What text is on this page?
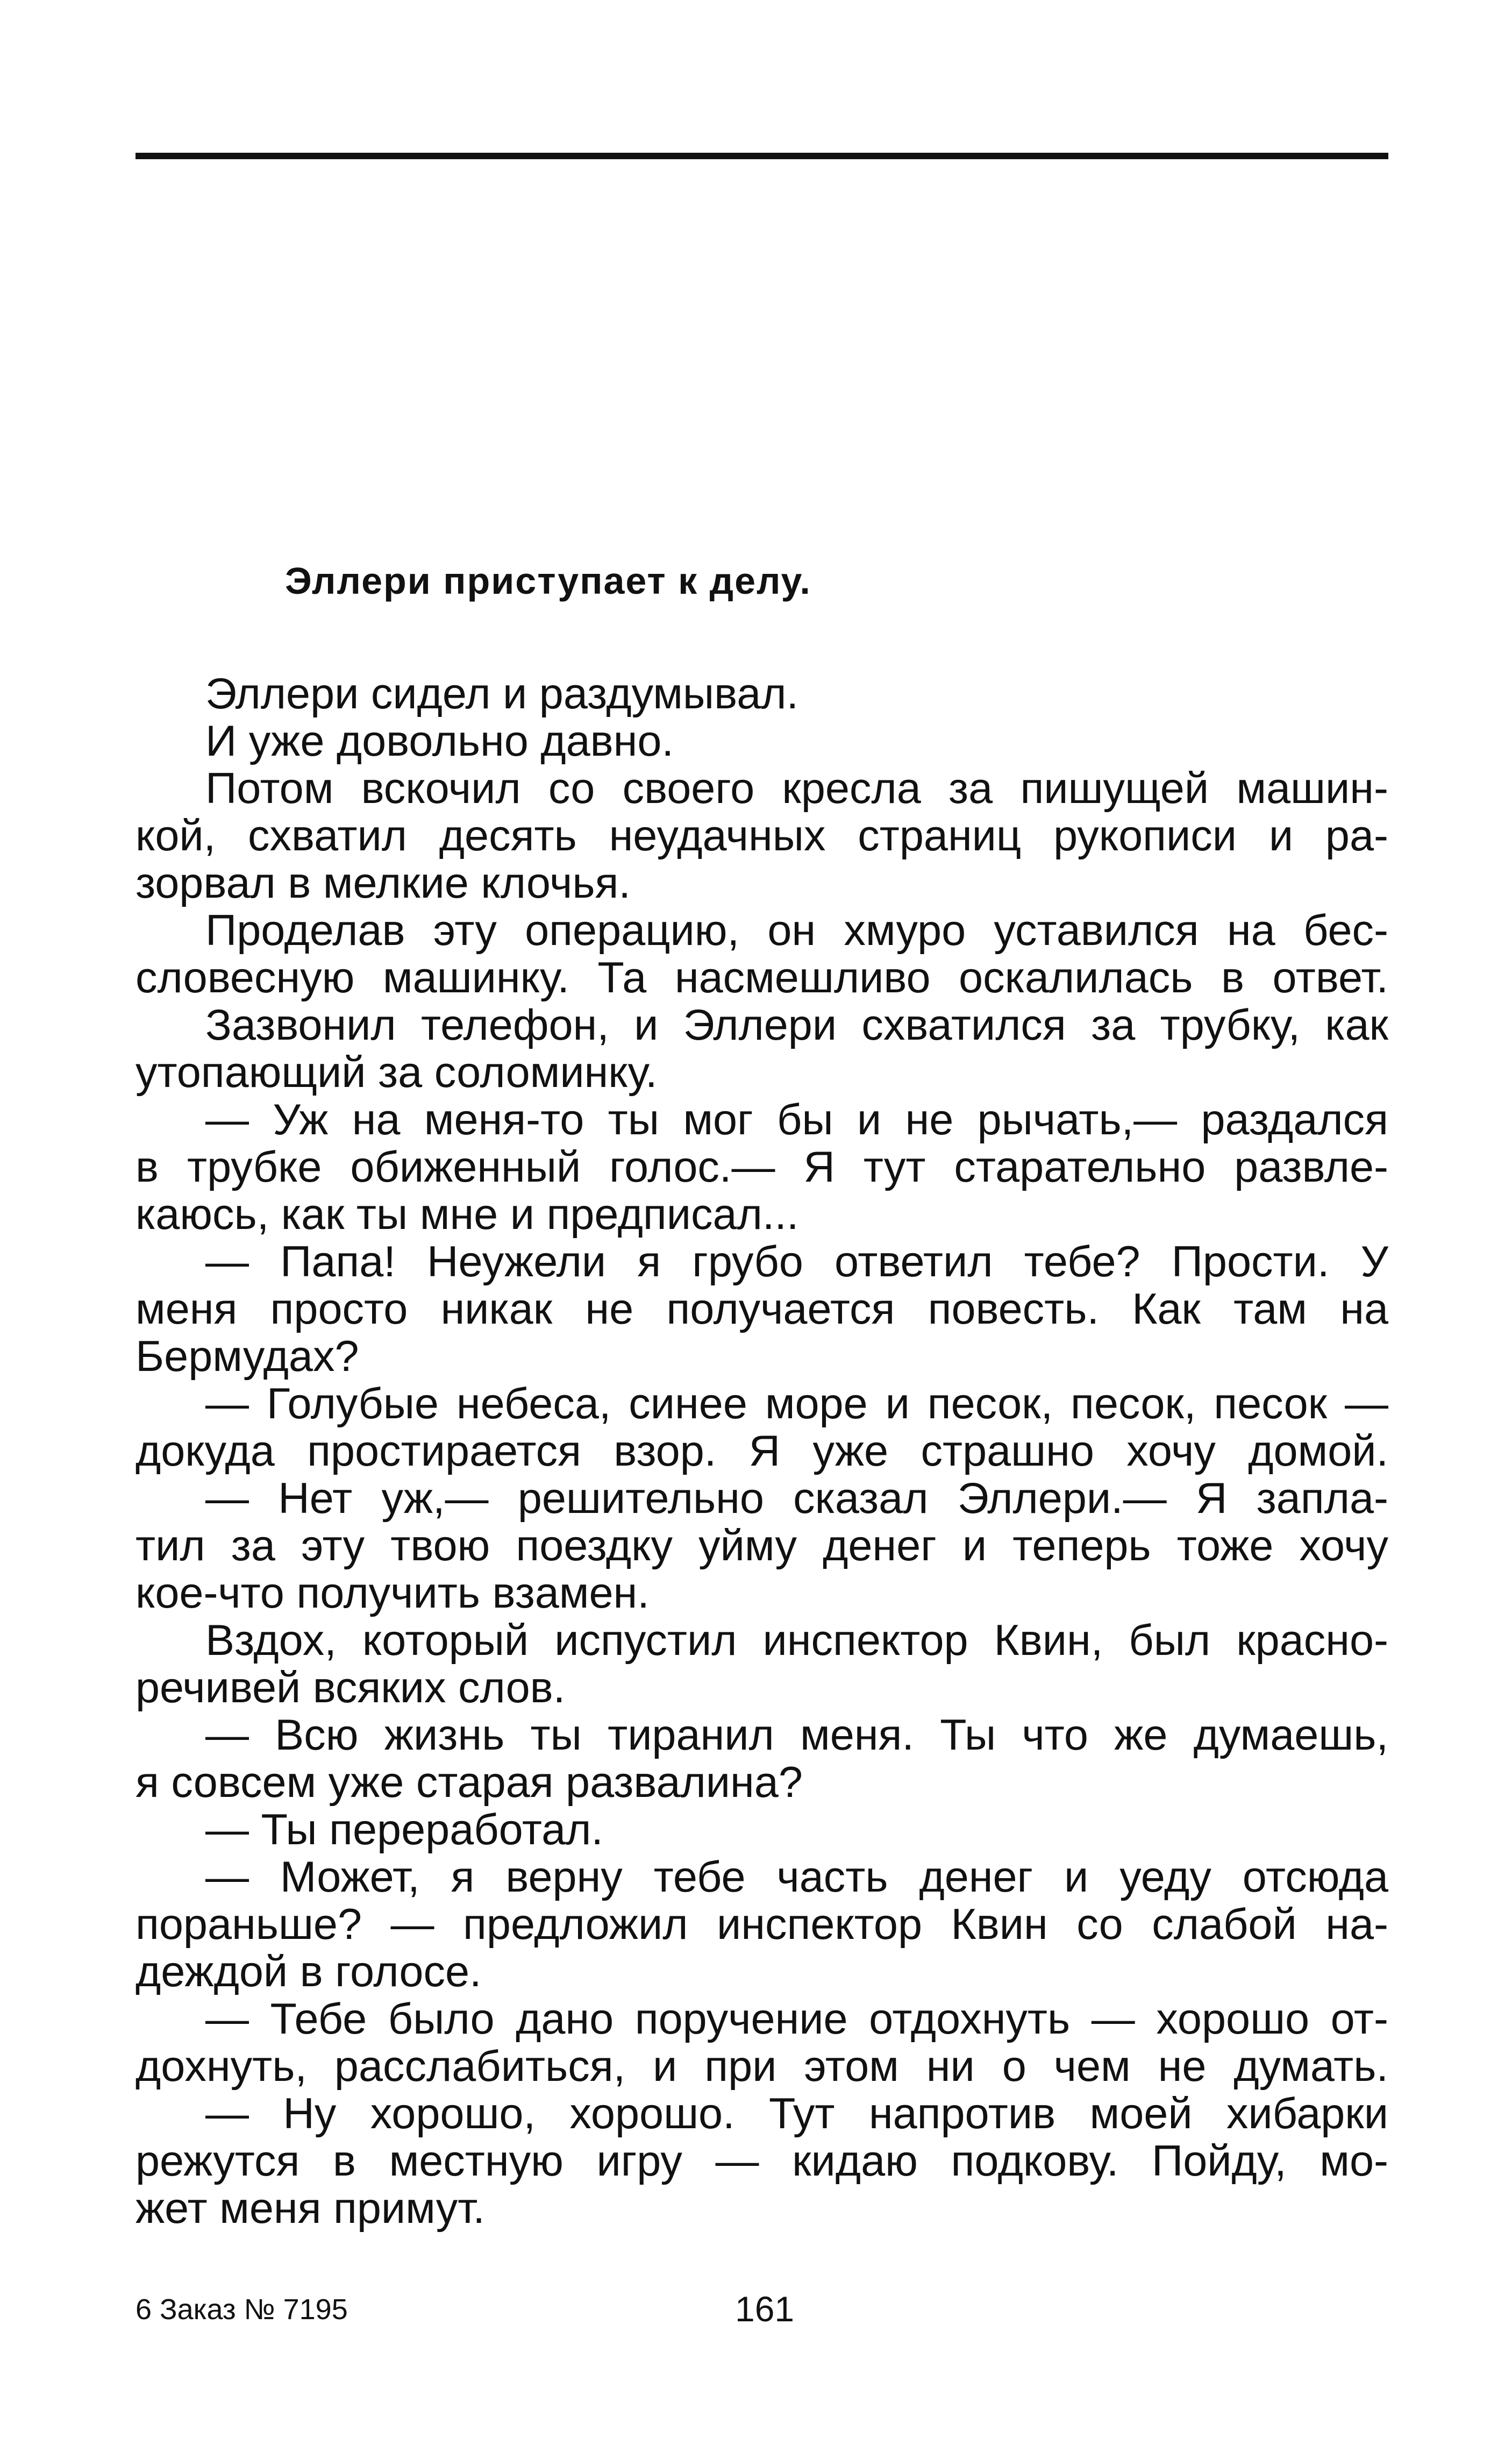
Эллери приступает к делу.
Эллери сидел и раздумывал.
И уже довольно давно.
Потом вскочил со своего кресла за пишущей машин-
кой, схватил десять неудачных страниц рукописи и ра-
зорвал в мелкие клочья.
Проделав эту операцию, он хмуро уставился на бес-
словесную машинку. Та насмешливо оскалилась в ответ.
Зазвонил телефон, и Эллери схватился за трубку, как
утопающий за соломинку.
— Уж на меня-то ты мог бы и не рычать,— раздался
в трубке обиженный голос.— Я тут старательно развле-
каюсь, как ты мне и предписал...
— Папа! Неужели я грубо ответил тебе? Прости. У
меня просто никак не получается повесть. Как там на
Бермудах?
— Голубые небеса, синее море и песок, песок, песок —
докуда простирается взор. Я уже страшно хочу домой.
— Нет уж,— решительно сказал Эллери.— Я запла-
тил за эту твою поездку уйму денег и теперь тоже хочу
кое-что получить взамен.
Вздох, который испустил инспектор Квин, был красно-
речивей всяких слов.
— Всю жизнь ты тиранил меня. Ты что же думаешь,
я совсем уже старая развалина?
— Ты переработал.
— Может, я верну тебе часть денег и уеду отсюда
пораньше? — предложил инспектор Квин со слабой на-
деждой в голосе.
— Тебе было дано поручение отдохнуть — хорошо от-
дохнуть, расслабиться, и при этом ни о чем не думать.
— Ну хорошо, хорошо. Тут напротив моей хибарки
режутся в местную игру — кидаю подкову. Пойду, мо-
жет меня примут.
6 Заказ № 7195	161
